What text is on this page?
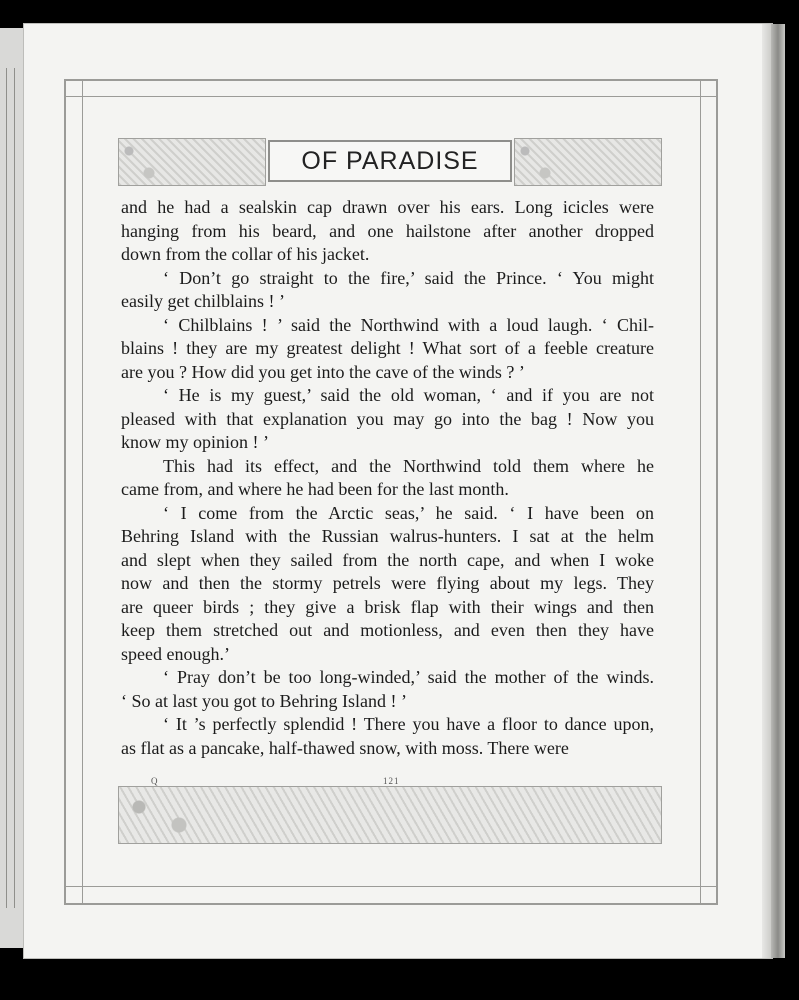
OF PARADISE

and he had a sealskin cap drawn over his ears. Long icicles were
hanging from his beard, and one hailstone after another dropped
down from the collar of his jacket.

‘ Don’t go straight to the fire,’ said the Prince. ‘ You might
easily get chilblains ! ’

‘ Chilblains ! ’ said the Northwind with a loud laugh. ‘ Chil-
blains ! they are my greatest delight ! What sort of a feeble creature
are you ? How did you get into the cave of the winds ? ’

‘ He is my guest,’ said the old woman, ‘ and if you are not
pleased with that explanation you may go into the bag ! Now you
know my opinion ! ’

This had its effect, and the Northwind told them where he
came from, and where he had been for the last month.

‘ I come from the Arctic seas,’ he said. ‘ I have been on
Behring Island with the Russian walrus-hunters. I sat at the helm
and slept when they sailed from the north cape, and when I woke
now and then the stormy petrels were flying about my legs. They
are queer birds ; they give a brisk flap with their wings and then
keep them stretched out and motionless, and even then they have
speed enough.’

‘ Pray don’t be too long-winded,’ said the mother of the winds.
‘ So at last you got to Behring Island ! ’

‘ It ’s perfectly splendid ! There you have a floor to dance upon,
as flat as a pancake, half-thawed snow, with moss. There were

Q	121
